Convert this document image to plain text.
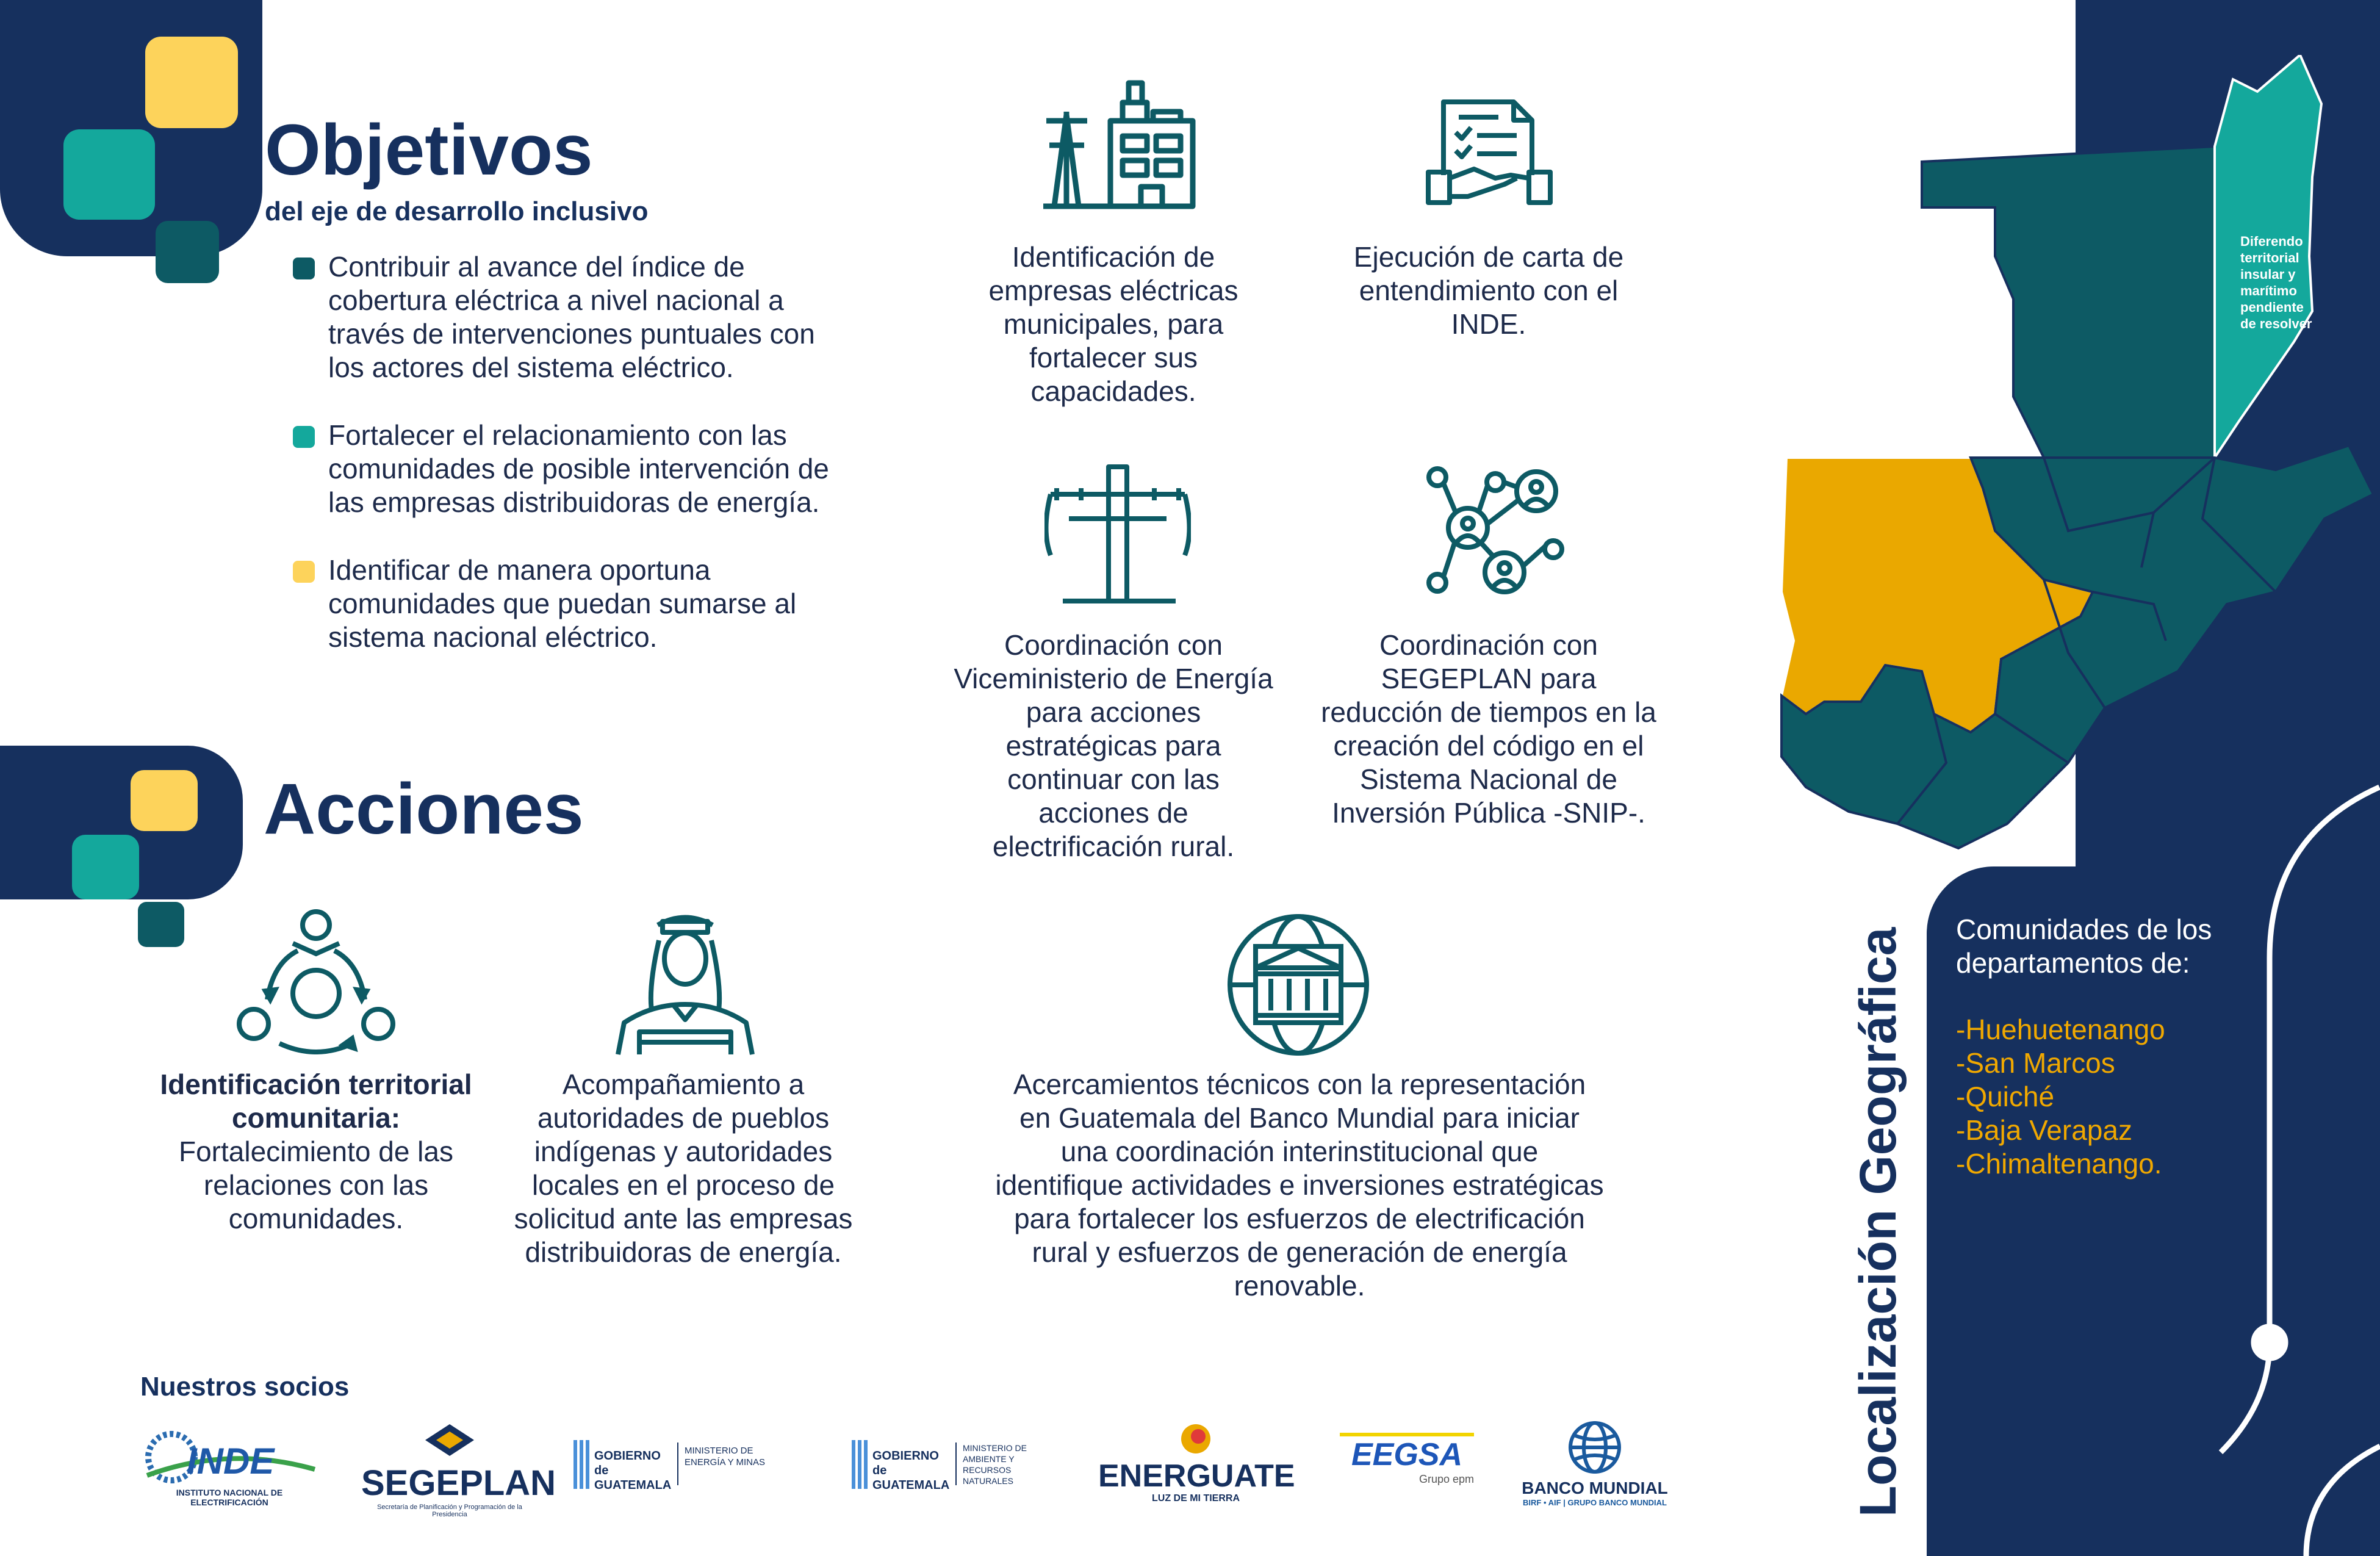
Objetivos
del eje de desarrollo inclusivo
Contribuir al avance del índice de cobertura eléctrica a nivel nacional a través de intervenciones puntuales con los actores del sistema eléctrico.
Fortalecer el relacionamiento con las comunidades de posible intervención de las empresas distribuidoras de energía.
Identificar de manera oportuna comunidades que puedan sumarse al sistema nacional eléctrico.
Acciones
Identificación de empresas eléctricas municipales, para fortalecer sus capacidades.
Ejecución de carta de entendimiento con el INDE.
Coordinación con Viceministerio de Energía para acciones estratégicas para continuar con las acciones de electrificación rural.
Coordinación con SEGEPLAN para reducción de tiempos en la creación del código en el Sistema Nacional de Inversión Pública -SNIP-.
Identificación territorial comunitaria:
Fortalecimiento de las relaciones con las comunidades.
Acompañamiento a autoridades de pueblos indígenas y autoridades locales en el proceso de solicitud ante las empresas distribuidoras de energía.
Acercamientos técnicos con la representación en Guatemala del Banco Mundial para iniciar una coordinación interinstitucional que identifique actividades e inversiones estratégicas para fortalecer los esfuerzos de electrificación rural y esfuerzos de generación de energía renovable.
Diferendo territorial insular y marítimo pendiente de resolver
Localización Geográfica Comunidades de los departamentos de:
-Huehuetenango
-San Marcos
-Quiché
-Baja Verapaz
-Chimaltenango.
Nuestros socios
INDE
INSTITUTO NACIONAL DE ELECTRIFICACIÓN	SEGEPLAN
Secretaría de Planificación y Programación de la Presidencia
GOBIERNO de GUATEMALA
MINISTERIO DE ENERGÍA Y MINAS	GOBIERNO de GUATEMALA
MINISTERIO DE AMBIENTE Y RECURSOS NATURALES	ENERGUATE
LUZ DE MI TIERRA
EEGSA
Grupo epm	BANCO MUNDIAL
BIRF • AIF | GRUPO BANCO MUNDIAL
